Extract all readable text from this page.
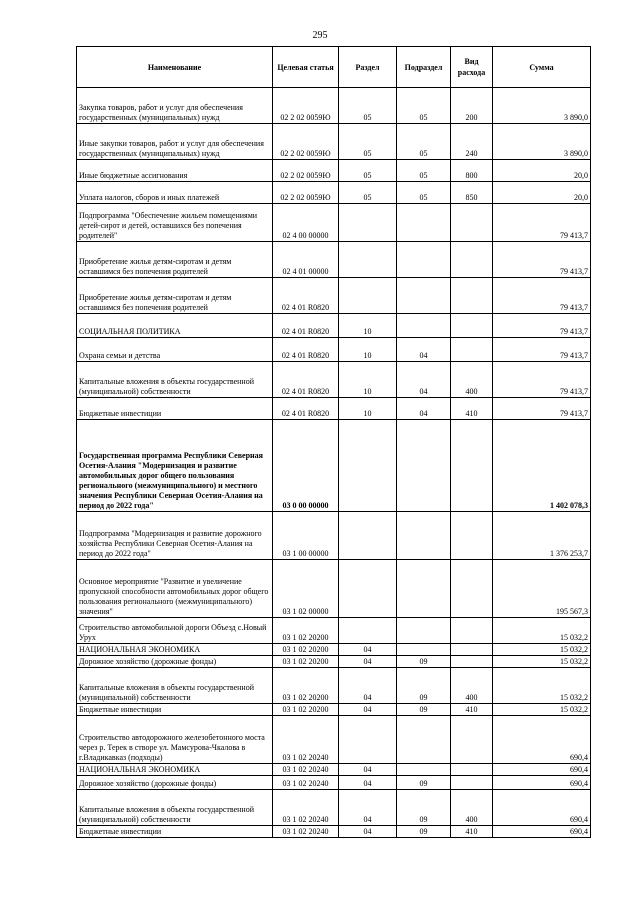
295
Наименование	Целевая статья	Раздел	Подраздел	Вид расхода	Сумма
Закупка товаров, работ и услуг для обеспечения государственных (муниципальных) нужд	02 2 02 0059Ю	05	05	200	3 890,0
Иные закупки товаров, работ и услуг для обеспечения государственных (муниципальных) нужд	02 2 02 0059Ю	05	05	240	3 890,0
Иные бюджетные ассигнования	02 2 02 0059Ю	05	05	800	20,0
Уплата налогов, сборов и иных платежей	02 2 02 0059Ю	05	05	850	20,0
Подпрограмма "Обеспечение жильем помещениями детей-сирот и детей, оставшихся без попечения родителей"	02 4 00 00000				79 413,7
Приобретение жилья детям-сиротам и детям оставшимся без попечения родителей	02 4 01 00000				79 413,7
Приобретение жилья детям-сиротам и детям оставшимся без попечения родителей	02 4 01 R0820				79 413,7
СОЦИАЛЬНАЯ ПОЛИТИКА	02 4 01 R0820	10			79 413,7
Охрана семьи и детства	02 4 01 R0820	10	04		79 413,7
Капитальные вложения в объекты государственной (муниципальной) собственности	02 4 01 R0820	10	04	400	79 413,7
Бюджетные инвестиции	02 4 01 R0820	10	04	410	79 413,7
Государственная программа Республики Северная Осетия-Алания "Модернизация и развитие автомобильных дорог общего пользования регионального (межмуниципального) и местного значения Республики Северная Осетия-Алания на период до 2022 года"	03 0 00 00000				1 402 078,3
Подпрограмма "Модернизация и развитие дорожного хозяйства Республики Северная Осетия-Алания на период до 2022 года"	03 1 00 00000				1 376 253,7
Основное мероприятие "Развитие и увеличение пропускной способности автомобильных дорог общего пользования регионального (межмуниципального) значения"	03 1 02 00000				195 567,3
Строительство автомобильной дороги Объезд с.Новый Урух	03 1 02 20200				15 032,2
НАЦИОНАЛЬНАЯ ЭКОНОМИКА	03 1 02 20200	04			15 032,2
Дорожное хозяйство (дорожные фонды)	03 1 02 20200	04	09		15 032,2
Капитальные вложения в объекты государственной (муниципальной) собственности	03 1 02 20200	04	09	400	15 032,2
Бюджетные инвестиции	03 1 02 20200	04	09	410	15 032,2
Строительство автодорожного железобетонного моста через р. Терек в створе ул. Мамсурова-Чкалова в г.Владикавказ (подходы)	03 1 02 20240				690,4
НАЦИОНАЛЬНАЯ ЭКОНОМИКА	03 1 02 20240	04			690,4
Дорожное хозяйство (дорожные фонды)	03 1 02 20240	04	09		690,4
Капитальные вложения в объекты государственной (муниципальной) собственности	03 1 02 20240	04	09	400	690,4
Бюджетные инвестиции	03 1 02 20240	04	09	410	690,4
